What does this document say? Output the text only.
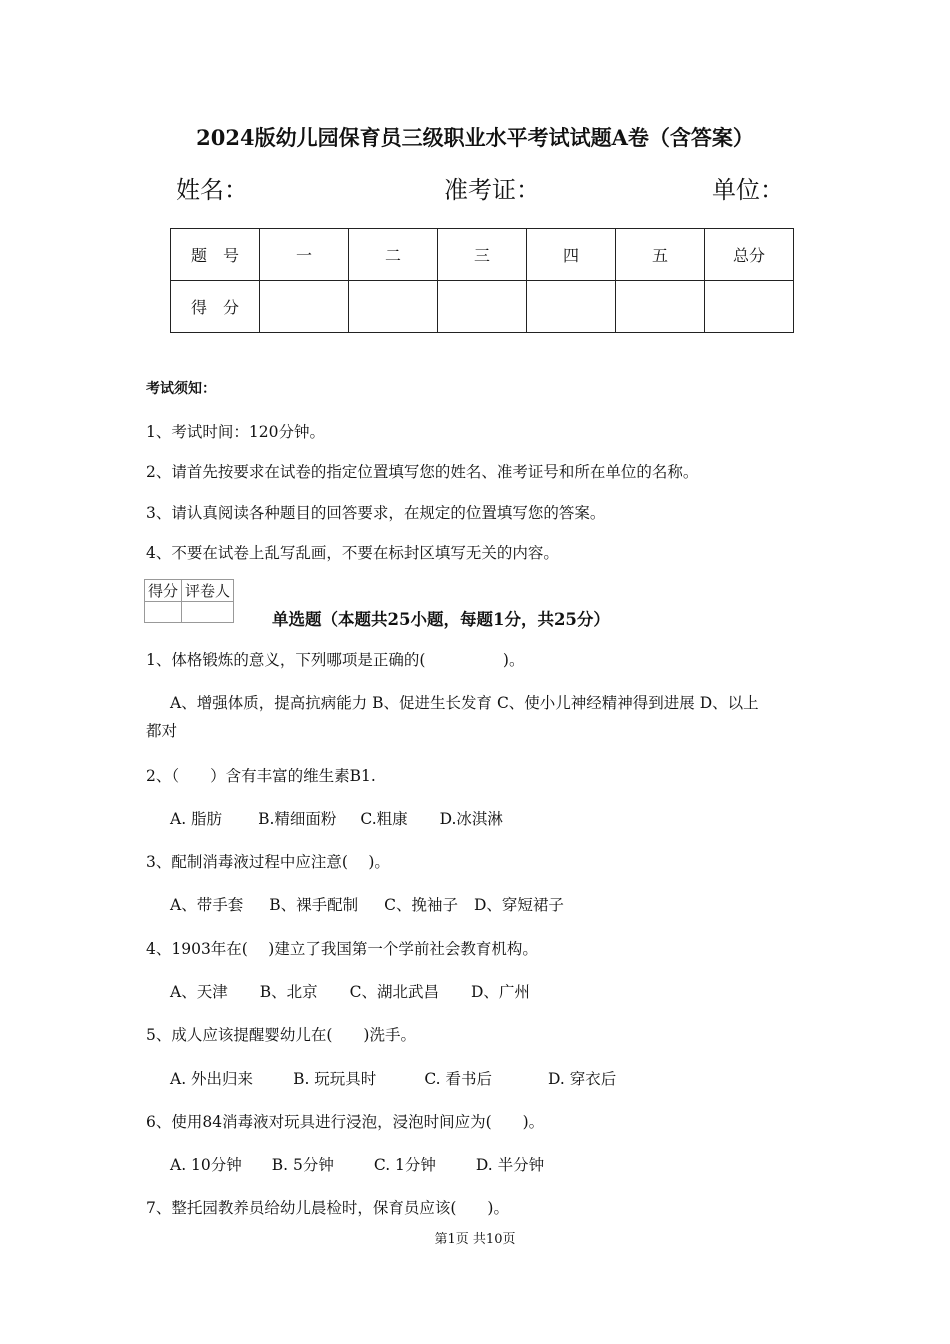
2024版幼儿园保育员三级职业水平考试试题A卷（含答案）
姓名：	准考证：	单位：
题　号	一	二	三	四	五	总分
得　分						
考试须知：
1、考试时间：120分钟。
2、请首先按要求在试卷的指定位置填写您的姓名、准考证号和所在单位的名称。
3、请认真阅读各种题目的回答要求，在规定的位置填写您的答案。
4、不要在试卷上乱写乱画，不要在标封区填写无关的内容。
得分	评卷人

单选题（本题共25小题，每题1分，共25分）
1、体格锻炼的意义，下列哪项是正确的(　　　　　)。
A、增强体质，提高抗病能力 B、促进生长发育 C、使小儿神经精神得到进展 D、以上
都对
2、（　　）含有丰富的维生素B1.
A. 脂肪 B.精细面粉 C.粗康 D.冰淇淋
3、配制消毒液过程中应注意(　 )。
A、带手套 B、裸手配制 C、挽袖子 D、穿短裙子
4、1903年在(　 )建立了我国第一个学前社会教育机构。
A、天津 B、北京 C、湖北武昌 D、广州
5、成人应该提醒婴幼儿在(　　)洗手。
A. 外出归来	B. 玩玩具时	C. 看书后	D. 穿衣后
6、使用84消毒液对玩具进行浸泡，浸泡时间应为(　　)。
A. 10分钟 B. 5分钟	C. 1分钟	D. 半分钟
7、整托园教养员给幼儿晨检时，保育员应该(　　)。
第1页 共10页
